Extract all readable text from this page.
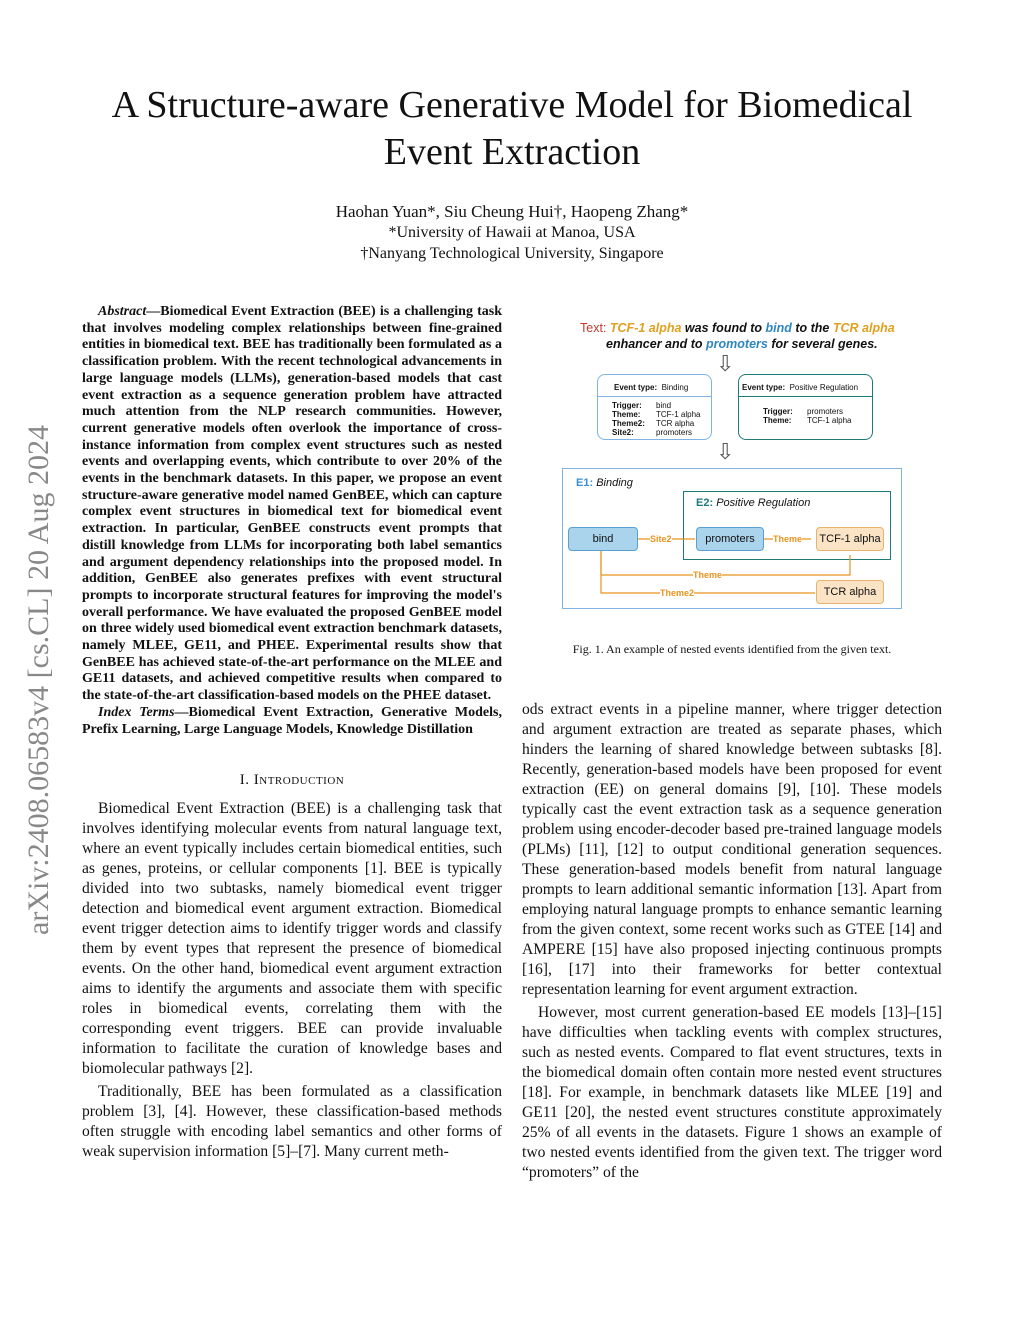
arXiv:2408.06583v4 [cs.CL] 20 Aug 2024
A Structure-aware Generative Model for Biomedical
Event Extraction
Haohan Yuan*, Siu Cheung Hui†, Haopeng Zhang*
*University of Hawaii at Manoa, USA
†Nanyang Technological University, Singapore

Abstract—Biomedical Event Extraction (BEE) is a challenging task that involves modeling complex relationships between fine-grained entities in biomedical text. BEE has traditionally been formulated as a classification problem. With the recent technological advancements in large language models (LLMs), generation-based models that cast event extraction as a sequence generation problem have attracted much attention from the NLP research communities. However, current generative models often overlook the importance of cross-instance information from complex event structures such as nested events and overlapping events, which contribute to over 20% of the events in the benchmark datasets. In this paper, we propose an event structure-aware generative model named GenBEE, which can capture complex event structures in biomedical text for biomedical event extraction. In particular, GenBEE constructs event prompts that distill knowledge from LLMs for incorporating both label semantics and argument dependency relationships into the proposed model. In addition, GenBEE also generates prefixes with event structural prompts to incorporate structural features for improving the model's overall performance. We have evaluated the proposed GenBEE model on three widely used biomedical event extraction benchmark datasets, namely MLEE, GE11, and PHEE. Experimental results show that GenBEE has achieved state-of-the-art performance on the MLEE and GE11 datasets, and achieved competitive results when compared to the state-of-the-art classification-based models on the PHEE dataset.

Index Terms—Biomedical Event Extraction, Generative Models, Prefix Learning, Large Language Models, Knowledge Distillation

I. Introduction

Biomedical Event Extraction (BEE) is a challenging task that involves identifying molecular events from natural language text, where an event typically includes certain biomedical entities, such as genes, proteins, or cellular components [1]. BEE is typically divided into two subtasks, namely biomedical event trigger detection and biomedical event argument extraction. Biomedical event trigger detection aims to identify trigger words and classify them by event types that represent the presence of biomedical events. On the other hand, biomedical event argument extraction aims to identify the arguments and associate them with specific roles in biomedical events, correlating them with the corresponding event triggers. BEE can provide invaluable information to facilitate the curation of knowledge bases and biomolecular pathways [2].

Traditionally, BEE has been formulated as a classification problem [3], [4]. However, these classification-based methods often struggle with encoding label semantics and other forms of weak supervision information [5]–[7]. Many current meth-

Text: TCF-1 alpha was found to bind to the TCR alpha
enhancer and to promoters for several genes.
⇩
Event type: Binding
Trigger: bind
Theme: TCF-1 alpha
Theme2: TCR alpha
Site2:	promoters
Event type: Positive Regulation
Trigger: promoters
Theme: TCF-1 alpha
⇩
E1: Binding
E2: Positive Regulation
bind	promoters	TCF-1 alpha
TCR alpha
Site2	Theme
Theme
Theme2
Fig. 1. An example of nested events identified from the given text.

ods extract events in a pipeline manner, where trigger detection and argument extraction are treated as separate phases, which hinders the learning of shared knowledge between subtasks [8]. Recently, generation-based models have been proposed for event extraction (EE) on general domains [9], [10]. These models typically cast the event extraction task as a sequence generation problem using encoder-decoder based pre-trained language models (PLMs) [11], [12] to output conditional generation sequences. These generation-based models benefit from natural language prompts to learn additional semantic information [13]. Apart from employing natural language prompts to enhance semantic learning from the given context, some recent works such as GTEE [14] and AMPERE [15] have also proposed injecting continuous prompts [16], [17] into their frameworks for better contextual representation learning for event argument extraction.

However, most current generation-based EE models [13]–[15] have difficulties when tackling events with complex structures, such as nested events. Compared to flat event structures, texts in the biomedical domain often contain more nested event structures [18]. For example, in benchmark datasets like MLEE [19] and GE11 [20], the nested event structures constitute approximately 25% of all events in the datasets. Figure 1 shows an example of two nested events identified from the given text. The trigger word “promoters” of the
